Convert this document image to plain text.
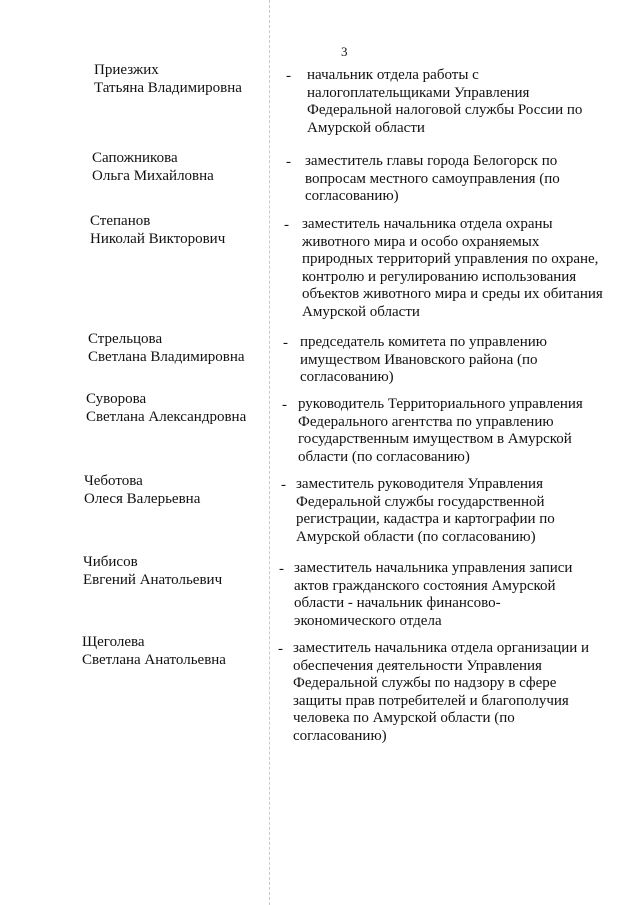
3
Приезжих
Татьяна Владимировна
- начальник отдела работы с
налогоплательщиками Управления
Федеральной налоговой службы России по
Амурской области
Сапожникова
Ольга Михайловна
- заместитель главы города Белогорск по
вопросам местного самоуправления (по
согласованию)
Степанов
Николай Викторович
- заместитель начальника отдела охраны
животного мира и особо охраняемых
природных территорий управления по охране,
контролю и регулированию использования
объектов животного мира и среды их обитания
Амурской области
Стрельцова
Светлана Владимировна
- председатель комитета по управлению
имуществом Ивановского района (по
согласованию)
Суворова
Светлана Александровна
- руководитель Территориального управления
Федерального агентства по управлению
государственным имуществом в Амурской
области (по согласованию)
Чеботова
Олеся Валерьевна
- заместитель руководителя Управления
Федеральной службы государственной
регистрации, кадастра и картографии по
Амурской области (по согласованию)
Чибисов
Евгений Анатольевич
- заместитель начальника управления записи
актов гражданского состояния Амурской
области - начальник финансово-
экономического отдела
Щеголева
Светлана Анатольевна
- заместитель начальника отдела организации и
обеспечения деятельности Управления
Федеральной службы по надзору в сфере
защиты прав потребителей и благополучия
человека по Амурской области (по
согласованию)
